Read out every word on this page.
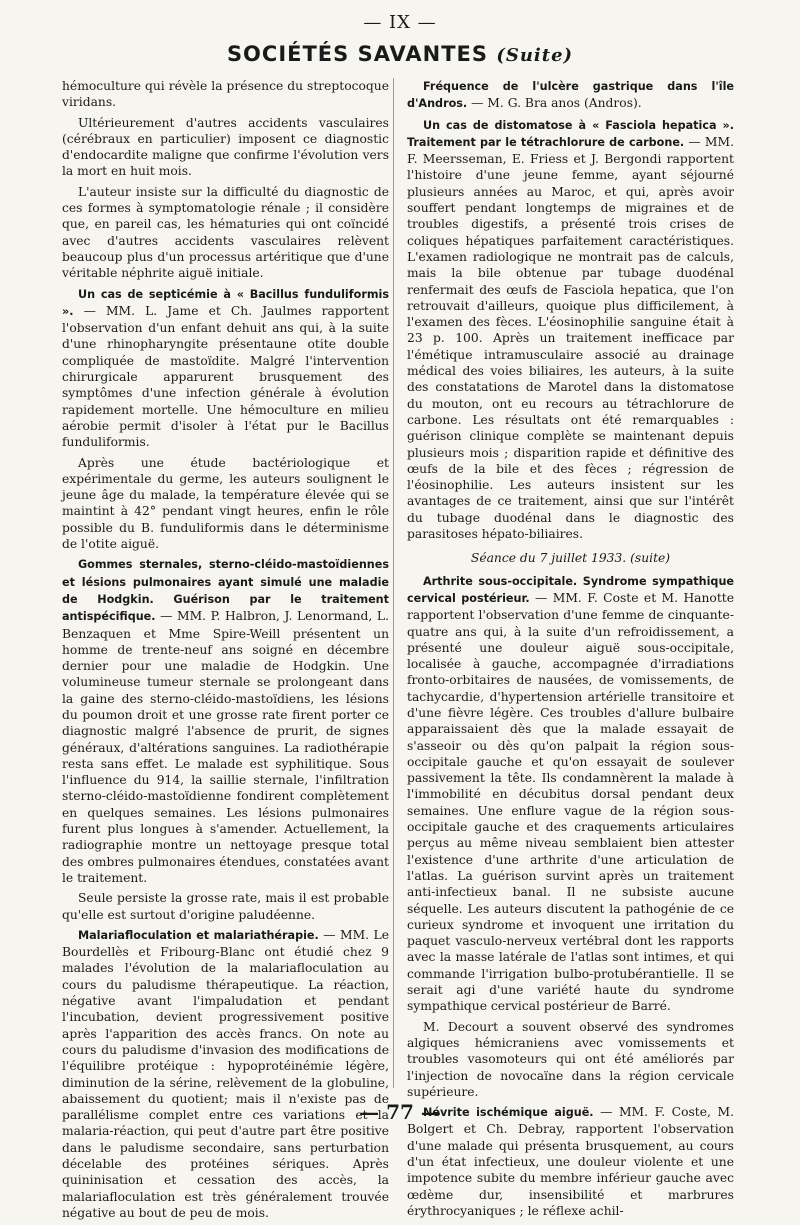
— IX —
SOCIÉTÉS SAVANTES (Suite)

hémoculture qui révèle la présence du streptocoque viridans.

Ultérieurement d'autres accidents vasculaires (cérébraux en particulier) imposent ce diagnostic d'endocardite maligne que confirme l'évolution vers la mort en huit mois.

L'auteur insiste sur la difficulté du diagnostic de ces formes à symptomatologie rénale ; il considère que, en pareil cas, les hématuries qui ont coïncidé avec d'autres accidents vasculaires relèvent beaucoup plus d'un processus artéritique que d'une véritable néphrite aiguë initiale.

Un cas de septicémie à « Bacillus funduliformis ». — MM. L. Jame et Ch. Jaulmes rapportent l'observation d'un enfant dehuit ans qui, à la suite d'une rhinopharyngite présentaune otite double compliquée de mastoïdite. Malgré l'intervention chirurgicale apparurent brusquement des symptômes d'une infection générale à évolution rapidement mortelle. Une hémoculture en milieu aérobie permit d'isoler à l'état pur le Bacillus funduliformis.

Après une étude bactériologique et expérimentale du germe, les auteurs soulignent le jeune âge du malade, la température élevée qui se maintint à 42° pendant vingt heures, enfin le rôle possible du B. funduliformis dans le déterminisme de l'otite aiguë.

Gommes sternales, sterno-cléido-mastoïdiennes et lésions pulmonaires ayant simulé une maladie de Hodgkin. Guérison par le traitement antispécifique. — MM. P. Halbron, J. Lenormand, L. Benzaquen et Mme Spire-Weill présentent un homme de trente-neuf ans soigné en décembre dernier pour une maladie de Hodgkin. Une volumineuse tumeur sternale se prolongeant dans la gaine des sterno-cléido-mastoïdiens, les lésions du poumon droit et une grosse rate firent porter ce diagnostic malgré l'absence de prurit, de signes généraux, d'altérations sanguines. La radiothérapie resta sans effet. Le malade est syphilitique. Sous l'influence du 914, la saillie sternale, l'infiltration sterno-cléido-mastoïdienne fondirent complètement en quelques semaines. Les lésions pulmonaires furent plus longues à s'amender. Actuellement, la radiographie montre un nettoyage presque total des ombres pulmonaires étendues, constatées avant le traitement.

Seule persiste la grosse rate, mais il est probable qu'elle est surtout d'origine paludéenne.

Malariafloculation et malariathérapie. — MM. Le Bourdellès et Fribourg-Blanc ont étudié chez 9 malades l'évolution de la malariafloculation au cours du paludisme thérapeutique. La réaction, négative avant l'impaludation et pendant l'incubation, devient progressivement positive après l'apparition des accès francs. On note au cours du paludisme d'invasion des modifications de l'équilibre protéique : hypoprotéinémie légère, diminution de la sérine, relèvement de la globuline, abaissement du quotient; mais il n'existe pas de parallélisme complet entre ces variations et la malaria-réaction, qui peut d'autre part être positive dans le paludisme secondaire, sans perturbation décelable des protéines sériques. Après quininisation et cessation des accès, la malariafloculation est très généralement trouvée négative au bout de peu de mois.

Fréquence de l'ulcère gastrique dans l'île d'Andros. — M. G. Bra anos (Andros).

Un cas de distomatose à « Fasciola hepatica ». Traitement par le tétrachlorure de carbone. — MM. F. Meersseman, E. Friess et J. Bergondi rapportent l'histoire d'une jeune femme, ayant séjourné plusieurs années au Maroc, et qui, après avoir souffert pendant longtemps de migraines et de troubles digestifs, a présenté trois crises de coliques hépatiques parfaitement caractéristiques. L'examen radiologique ne montrait pas de calculs, mais la bile obtenue par tubage duodénal renfermait des œufs de Fasciola hepatica, que l'on retrouvait d'ailleurs, quoique plus difficilement, à l'examen des fèces. L'éosinophilie sanguine était à 23 p. 100. Après un traitement inefficace par l'émétique intramusculaire associé au drainage médical des voies biliaires, les auteurs, à la suite des constatations de Marotel dans la distomatose du mouton, ont eu recours au tétrachlorure de carbone. Les résultats ont été remarquables : guérison clinique complète se maintenant depuis plusieurs mois ; disparition rapide et définitive des œufs de la bile et des fèces ; régression de l'éosinophilie. Les auteurs insistent sur les avantages de ce traitement, ainsi que sur l'intérêt du tubage duodénal dans le diagnostic des parasitoses hépato-biliaires.

Séance du 7 juillet 1933. (suite)

Arthrite sous-occipitale. Syndrome sympathique cervical postérieur. — MM. F. Coste et M. Hanotte rapportent l'observation d'une femme de cinquante-quatre ans qui, à la suite d'un refroidissement, a présenté une douleur aiguë sous-occipitale, localisée à gauche, accompagnée d'irradiations fronto-orbitaires de nausées, de vomissements, de tachycardie, d'hypertension artérielle transitoire et d'une fièvre légère. Ces troubles d'allure bulbaire apparaissaient dès que la malade essayait de s'asseoir ou dès qu'on palpait la région sous-occipitale gauche et qu'on essayait de soulever passivement la tête. Ils condamnèrent la malade à l'immobilité en décubitus dorsal pendant deux semaines. Une enflure vague de la région sous-occipitale gauche et des craquements articulaires perçus au même niveau semblaient bien attester l'existence d'une arthrite d'une articulation de l'atlas. La guérison survint après un traitement anti-infectieux banal. Il ne subsiste aucune séquelle. Les auteurs discutent la pathogénie de ce curieux syndrome et invoquent une irritation du paquet vasculo-nerveux vertébral dont les rapports avec la masse latérale de l'atlas sont intimes, et qui commande l'irrigation bulbo-protubérantielle. Il se serait agi d'une variété haute du syndrome sympathique cervical postérieur de Barré.

M. Decourt a souvent observé des syndromes algiques hémicraniens avec vomissements et troubles vasomoteurs qui ont été améliorés par l'injection de novocaïne dans la région cervicale supérieure.

Névrite ischémique aiguë. — MM. F. Coste, M. Bolgert et Ch. Debray, rapportent l'observation d'une malade qui présenta brusquement, au cours d'un état infectieux, une douleur violente et une impotence subite du membre inférieur gauche avec œdème dur, insensibilité et marbrures érythrocyaniques ; le réflexe achil-

— 77 —
